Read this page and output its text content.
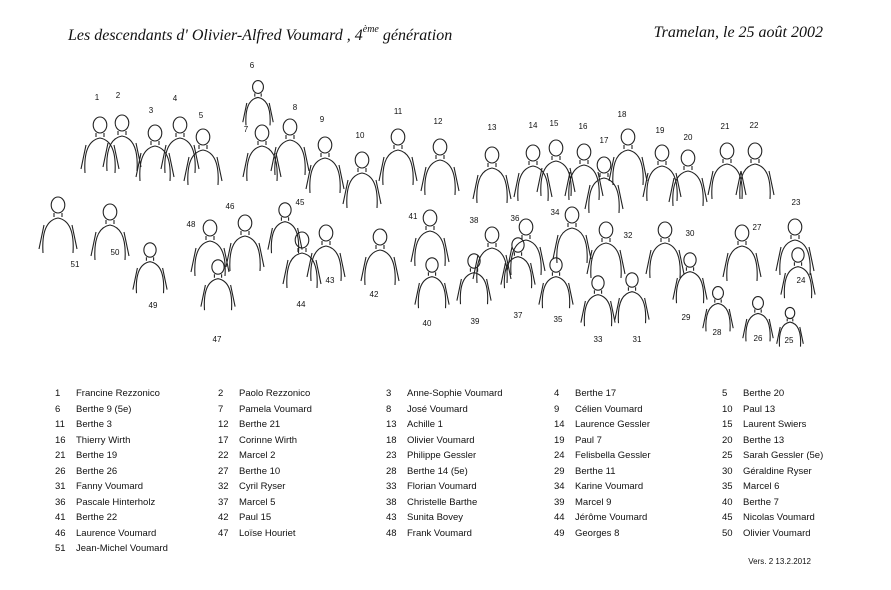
Les descendants d' Olivier-Alfred Voumard , 4ème génération	Tramelan, le 25 août 2002
1 2
3
4
5
6
7
8
9
10
11
12
13	14 15	16
17
18
19
20
21	22
23
24
25
26
27
28
29
30
31
32
33
34
35
36
37
38
39
40
41
42
43
44
45
46
47
48
49
50
51
1	Francine Rezzonico	2	Paolo Rezzonico	3	Anne-Sophie Voumard	4	Berthe 17	5	Berthe 20
6	Berthe 9 (5e)	7	Pamela Voumard	8	José Voumard	9	Célien Voumard	10	Paul 13
11	Berthe 3	12	Berthe 21	13	Achille 1	14	Laurence Gessler	15	Laurent Swiers
16	Thierry Wirth	17	Corinne Wirth	18	Olivier Voumard	19	Paul 7	20	Berthe 13
21	Berthe 19	22	Marcel 2	23	Philippe Gessler	24	Felisbella Gessler	25	Sarah Gessler (5e)
26	Berthe 26	27	Berthe 10	28	Berthe 14 (5e)	29	Berthe 11	30	Géraldine Ryser
31	Fanny Voumard	32	Cyril Ryser	33	Florian Voumard	34	Karine Voumard	35	Marcel 6
36	Pascale Hinterholz	37	Marcel 5	38	Christelle Barthe	39	Marcel 9	40	Berthe 7
41	Berthe 22	42	Paul 15	43	Sunita Bovey	44	Jérôme Voumard	45	Nicolas Voumard
46	Laurence Voumard	47	Loïse Houriet	48	Frank Voumard	49	Georges 8	50	Olivier Voumard
51	Jean-Michel Voumard
Vers. 2 13.2.2012
